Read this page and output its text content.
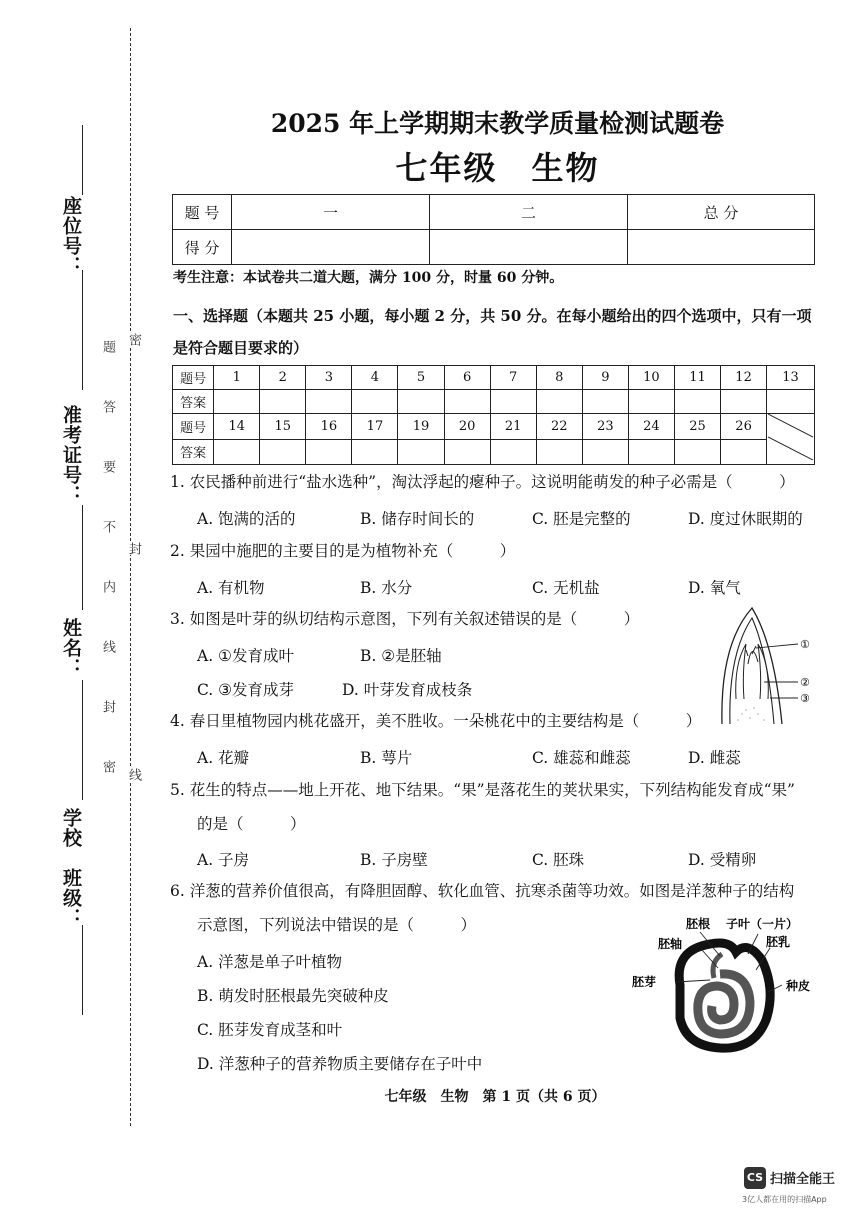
座位号：
准考证号：
姓名：
学校　班级：
题
答
要
不
内
线
封
密
密
封
线
2025 年上学期期末教学质量检测试题卷
七年级　生物
题 号	一	二	总 分
得 分			
考生注意：本试卷共二道大题，满分 100 分，时量 60 分钟。
一、选择题（本题共 25 小题，每小题 2 分，共 50 分。在每小题给出的四个选项中，只有一项是符合题目要求的）
题号	1	2	3	4	5	6	7	8	9	10	11	12	13
答案													
题号	14	15	16	17	19	20	21	22	23	24	25	26	
答案													
1. 农民播种前进行“盐水选种”，淘汰浮起的瘪种子。这说明能萌发的种子必需是（　　　）
A. 饱满的活的	B. 储存时间长的	C. 胚是完整的	D. 度过休眠期的
2. 果园中施肥的主要目的是为植物补充（　　　）
A. 有机物	B. 水分	C. 无机盐	D. 氧气
3. 如图是叶芽的纵切结构示意图，下列有关叙述错误的是（　　　）
A. ①发育成叶	B. ②是胚轴
C. ③发育成芽	D. 叶芽发育成枝条
①
②
③
4. 春日里植物园内桃花盛开，美不胜收。一朵桃花中的主要结构是（　　　）
A. 花瓣	B. 萼片	C. 雄蕊和雌蕊	D. 雌蕊
5. 花生的特点——地上开花、地下结果。“果”是落花生的荚状果实，下列结构能发育成“果”
的是（　　　）
A. 子房	B. 子房壁	C. 胚珠	D. 受精卵
6. 洋葱的营养价值很高，有降胆固醇、软化血管、抗寒杀菌等功效。如图是洋葱种子的结构
示意图，下列说法中错误的是（　　　）
A. 洋葱是单子叶植物
B. 萌发时胚根最先突破种皮
C. 胚芽发育成茎和叶
D. 洋葱种子的营养物质主要储存在子叶中
胚根 子叶（一片）
胚轴	胚乳
胚芽	种皮
七年级　生物　第 1 页（共 6 页）
CS 扫描全能王
3亿人都在用的扫描App
